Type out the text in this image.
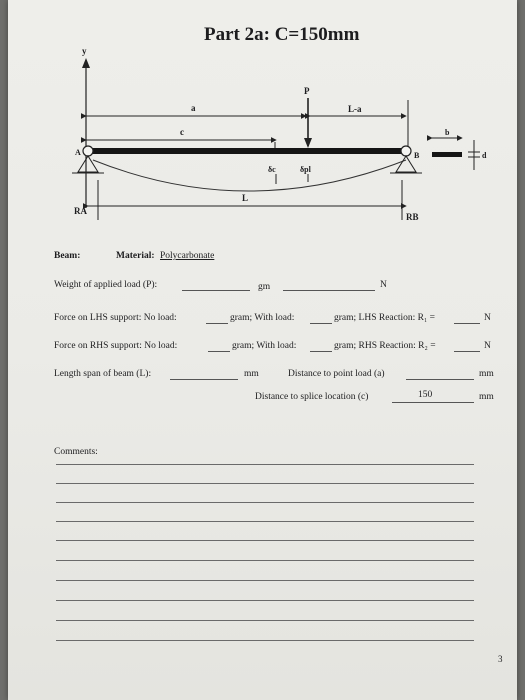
Part 2a: C=150mm
y
a
c
L-a
P
A	B
b
d
δc	δpl
L
RA
RB
Beam:	Material: Polycarbonate
Weight of applied load (P):	gm	N
Force on LHS support: No load:	gram; With load:	gram; LHS Reaction: R₁ =	N
Force on RHS support: No load:	gram; With load:	gram; RHS Reaction: R₂ =	N
Length span of beam (L):	mm	Distance to point load (a)	mm
Distance to splice location (c)	150	mm
Comments:
3
